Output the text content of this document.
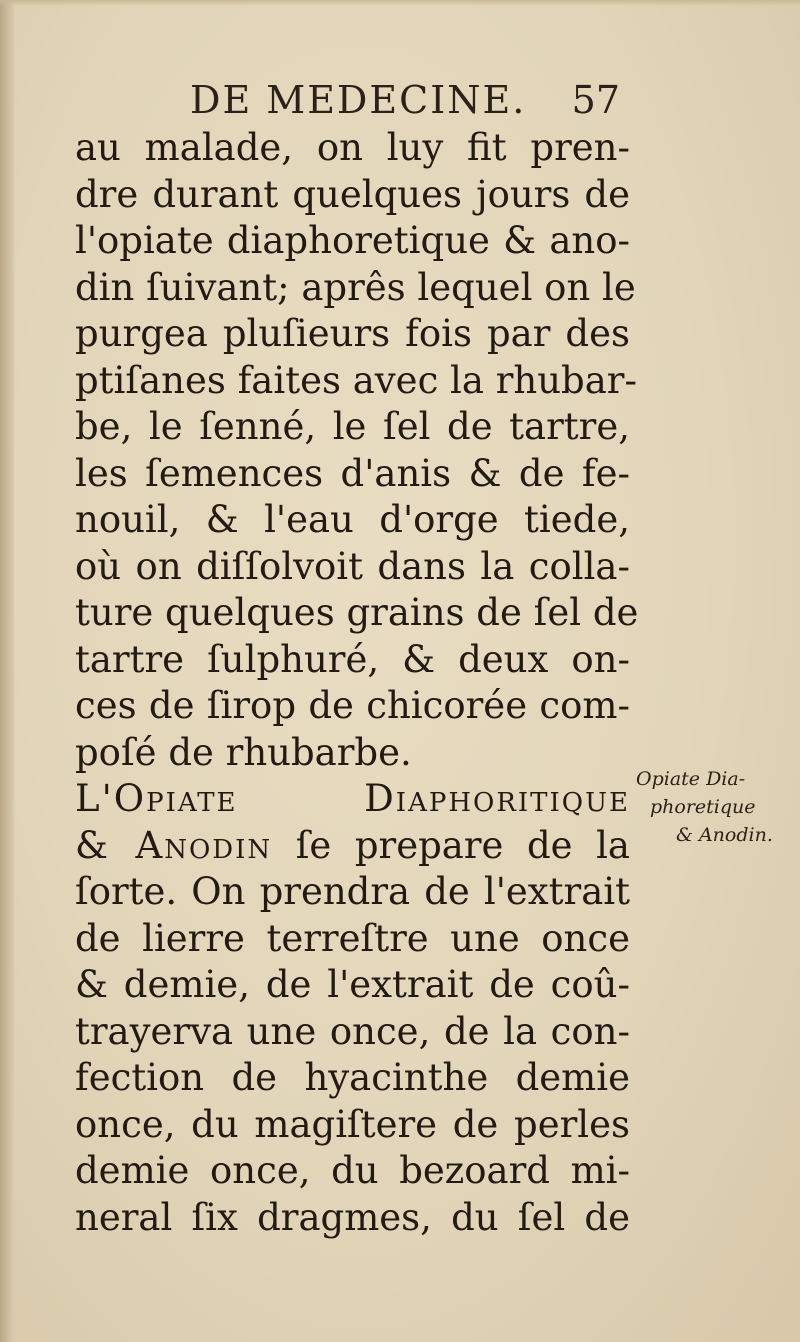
DE MEDECINE. 57
au malade, on luy fit pren-
dre durant quelques jours de
l'opiate diaphoretique & ano-
din ſuivant; aprês lequel on le
purgea pluſieurs fois par des
ptiſanes faites avec la rhubar-
be, le ſenné, le ſel de tartre,
les ſemences d'anis & de fe-
nouil, & l'eau d'orge tiede,
où on diſſolvoit dans la colla-
ture quelques grains de ſel de
tartre ſulphuré, & deux on-
ces de ſirop de chicorée com-
poſé de rhubarbe.
L'Opiate Diaphoritique
& Anodin ſe prepare de la
ſorte. On prendra de l'extrait
de lierre terreſtre une once
& demie, de l'extrait de coû-
trayerva une once, de la con-
fection de hyacinthe demie
once, du magiſtere de perles
demie once, du bezoard mi-
neral ſix dragmes, du ſel de
Opiate Dia-
phoretique
& Anodin.
